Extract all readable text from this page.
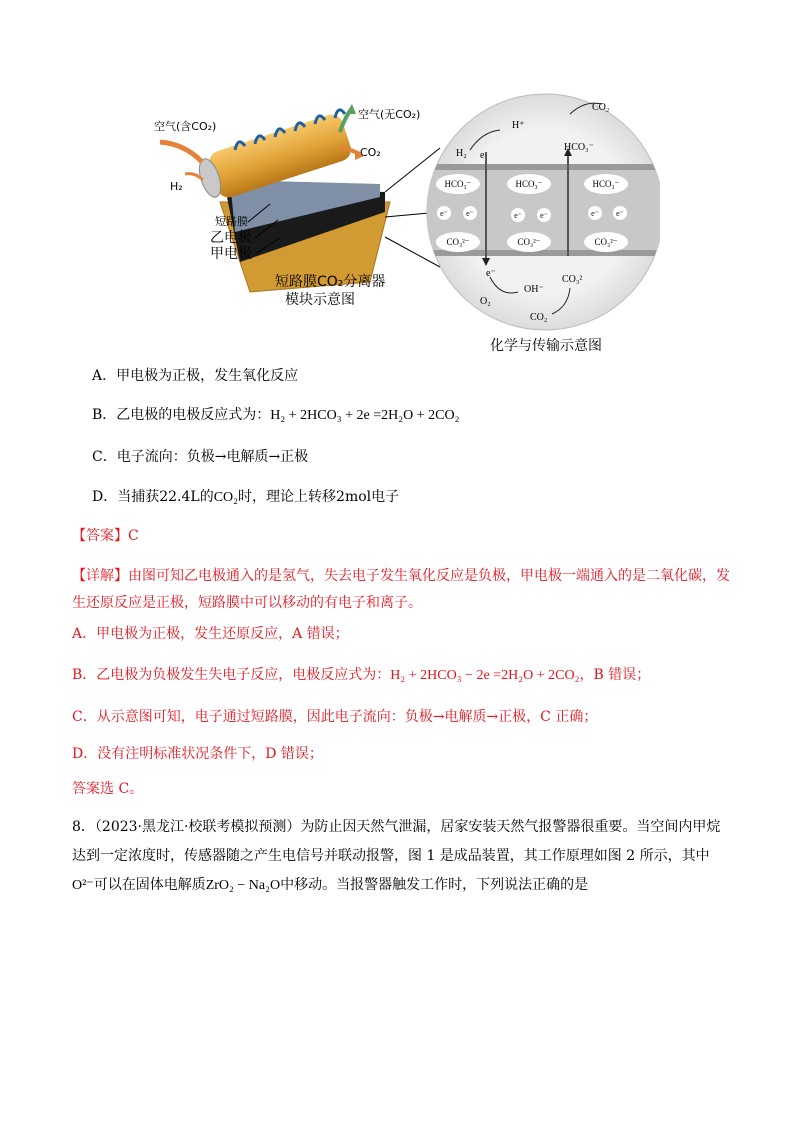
空气(含CO₂)
空气(无CO₂)
CO₂
H₂
短路膜
乙电极
甲电极
短路膜CO₂分离器
模块示意图
e⁻ e⁻	e⁻ e⁻	e⁻ e⁻
HCO₃⁻	HCO₃⁻	HCO₃⁻
CO₃²⁻	CO₃²⁻	CO₃²⁻
H₂ e
H⁺
CO₂
HCO₃⁻
e⁻
OH⁻
O₂
CO₂
CO₃²
化学与传输示意图
A．甲电极为正极，发生氧化反应
B．乙电极的电极反应式为：H₂ + 2HCO₃ + 2e =2H₂O + 2CO₂
C．电子流向：负极→电解质→正极
D．当捕获22.4L的CO₂时，理论上转移2mol电子
【答案】C
【详解】由图可知乙电极通入的是氢气，失去电子发生氧化反应是负极，甲电极一端通入的是二氧化碳，发生还原反应是正极，短路膜中可以移动的有电子和离子。
A．甲电极为正极，发生还原反应，A 错误；
B．乙电极为负极发生失电子反应，电极反应式为：H₂ + 2HCO₃ − 2e =2H₂O + 2CO₂，B 错误；
C．从示意图可知，电子通过短路膜，因此电子流向：负极→电解质→正极，C 正确；
D．没有注明标准状况条件下，D 错误；
答案选 C。
8．（2023·黑龙江·校联考模拟预测）为防止因天然气泄漏，居家安装天然气报警器很重要。当空间内甲烷
达到一定浓度时，传感器随之产生电信号并联动报警，图 1 是成品装置，其工作原理如图 2 所示，其中
O²⁻可以在固体电解质ZrO₂ − Na₂O中移动。当报警器触发工作时，下列说法正确的是
